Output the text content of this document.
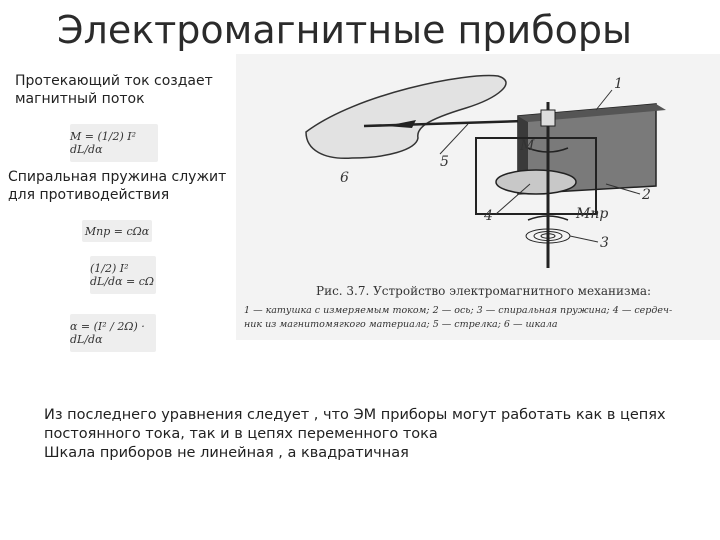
Электромагнитные приборы
Протекающий ток создает
магнитный поток
M = (1/2) I² dL/dα
Спиральная пружина служит
для противодействия
Mпр = cΩα
(1/2) I² dL/dα = cΩ
α = (I² / 2Ω) · dL/dα
1
2
3
4
5
6
M
Mпр
Рис. 3.7. Устройство электромагнитного механизма:
1 — катушка с измеряемым током; 2 — ось; 3 — спиральная пружина; 4 — сердеч-
ник из магнитомягкого материала; 5 — стрелка; 6 — шкала
Из последнего уравнения следует , что ЭМ приборы могут работать как в цепях
постоянного тока, так и в цепях переменного тока
Шкала приборов не линейная , а квадратичная
